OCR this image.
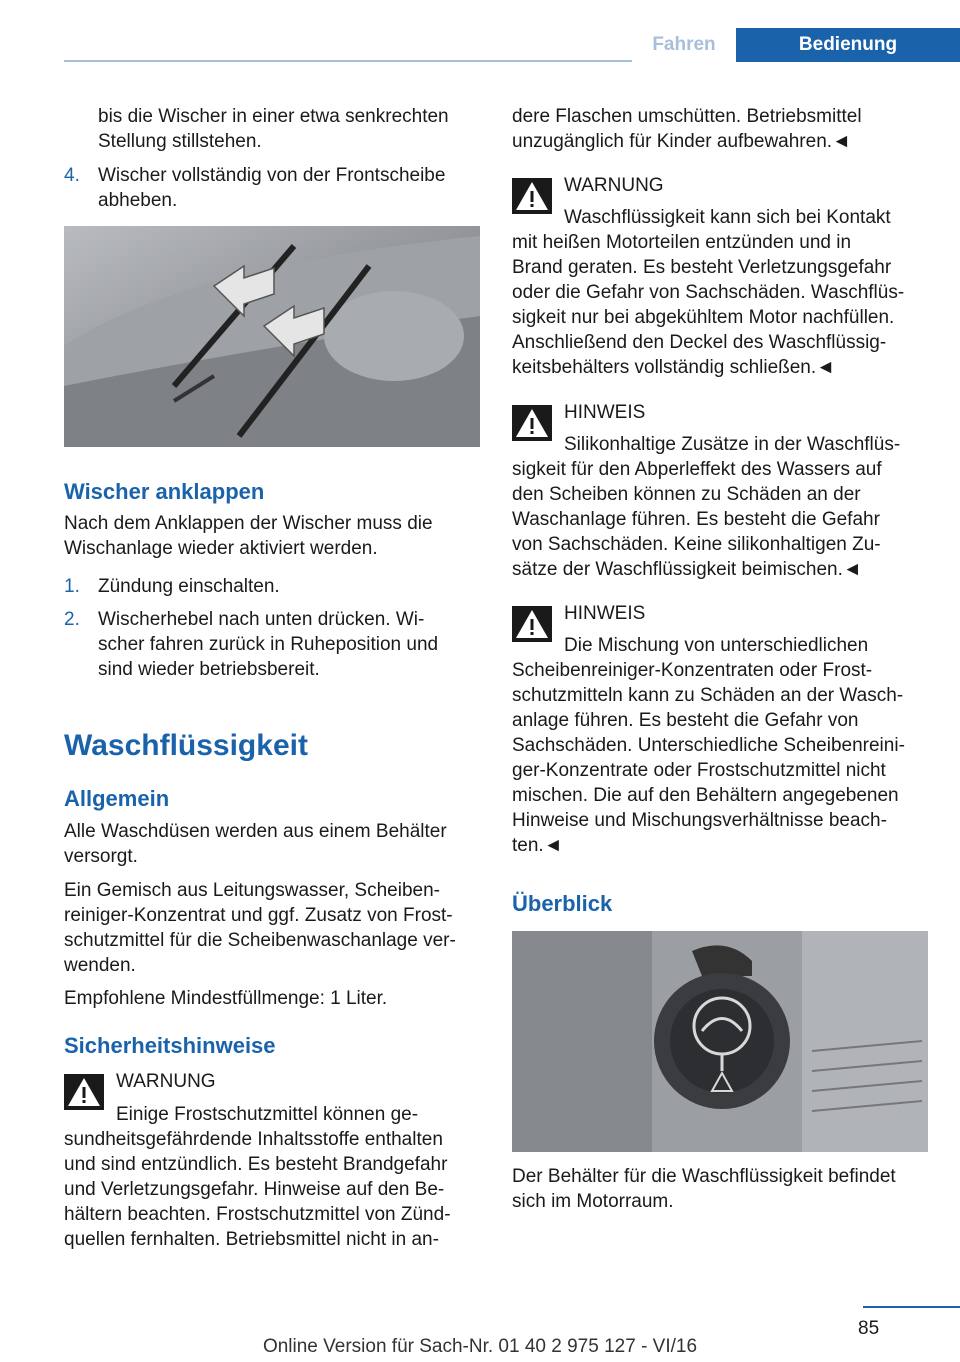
Fahren	Bedienung
bis die Wischer in einer etwa senkrechten
Stellung stillstehen.
4. Wischer vollständig von der Frontscheibe
abheben.
Wischer anklappen
Nach dem Anklappen der Wischer muss die
Wischanlage wieder aktiviert werden.
1. Zündung einschalten.
2. Wischerhebel nach unten drücken. Wi‐
scher fahren zurück in Ruheposition und
sind wieder betriebsbereit.
Waschflüssigkeit
Allgemein
Alle Waschdüsen werden aus einem Behälter
versorgt.
Ein Gemisch aus Leitungswasser, Scheiben‐
reiniger-Konzentrat und ggf. Zusatz von Frost‐
schutzmittel für die Scheibenwaschanlage ver‐
wenden.
Empfohlene Mindestfüllmenge: 1 Liter.
Sicherheitshinweise
WARNUNG
Einige Frostschutzmittel können ge‐
sundheitsgefährdende Inhaltsstoffe enthalten
und sind entzündlich. Es besteht Brandgefahr
und Verletzungsgefahr. Hinweise auf den Be‐
hältern beachten. Frostschutzmittel von Zünd‐
quellen fernhalten. Betriebsmittel nicht in an‐
dere Flaschen umschütten. Betriebsmittel
unzugänglich für Kinder aufbewahren.◄
WARNUNG
Waschflüssigkeit kann sich bei Kontakt
mit heißen Motorteilen entzünden und in
Brand geraten. Es besteht Verletzungsgefahr
oder die Gefahr von Sachschäden. Waschflüs‐
sigkeit nur bei abgekühltem Motor nachfüllen.
Anschließend den Deckel des Waschflüssig‐
keitsbehälters vollständig schließen.◄
HINWEIS
Silikonhaltige Zusätze in der Waschflüs‐
sigkeit für den Abperleffekt des Wassers auf
den Scheiben können zu Schäden an der
Waschanlage führen. Es besteht die Gefahr
von Sachschäden. Keine silikonhaltigen Zu‐
sätze der Waschflüssigkeit beimischen.◄
HINWEIS
Die Mischung von unterschiedlichen
Scheibenreiniger-Konzentraten oder Frost‐
schutzmitteln kann zu Schäden an der Wasch‐
anlage führen. Es besteht die Gefahr von
Sachschäden. Unterschiedliche Scheibenreini‐
ger-Konzentrate oder Frostschutzmittel nicht
mischen. Die auf den Behältern angegebenen
Hinweise und Mischungsverhältnisse beach‐
ten.◄
Überblick
Der Behälter für die Waschflüssigkeit befindet
sich im Motorraum.
85
Online Version für Sach-Nr. 01 40 2 975 127 - VI/16
